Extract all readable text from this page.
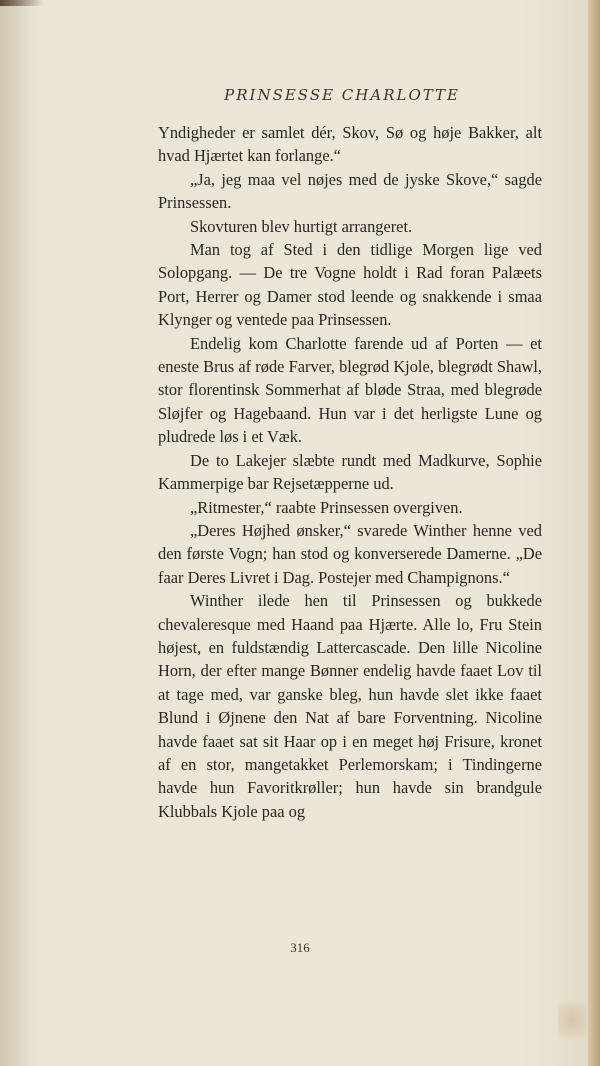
PRINSESSE CHARLOTTE

Yndigheder er samlet dér, Skov, Sø og høje Bakker, alt hvad Hjærtet kan forlange.“

„Ja, jeg maa vel nøjes med de jyske Skove,“ sagde Prinsessen.

Skovturen blev hurtigt arrangeret.

Man tog af Sted i den tidlige Morgen lige ved Solopgang. — De tre Vogne holdt i Rad foran Palæets Port, Herrer og Damer stod leende og snakkende i smaa Klynger og ventede paa Prinsessen.

Endelig kom Charlotte farende ud af Porten — et eneste Brus af røde Farver, blegrød Kjole, blegrødt Shawl, stor florentinsk Sommerhat af bløde Straa, med blegrøde Sløjfer og Hagebaand. Hun var i det herligste Lune og pludrede løs i et Væk.

De to Lakejer slæbte rundt med Madkurve, Sophie Kammerpige bar Rejsetæpperne ud.

„Ritmester,“ raabte Prinsessen overgiven.

„Deres Højhed ønsker,“ svarede Winther henne ved den første Vogn; han stod og konverserede Damerne. „De faar Deres Livret i Dag. Postejer med Champignons.“

Winther ilede hen til Prinsessen og bukkede chevaleresque med Haand paa Hjærte. Alle lo, Fru Stein højest, en fuldstændig Lattercascade. Den lille Nicoline Horn, der efter mange Bønner endelig havde faaet Lov til at tage med, var ganske bleg, hun havde slet ikke faaet Blund i Øjnene den Nat af bare Forventning. Nicoline havde faaet sat sit Haar op i en meget høj Frisure, kronet af en stor, mangetakket Perlemorskam; i Tindingerne havde hun Favoritkrøller; hun havde sin brandgule Klubbals Kjole paa og

316
